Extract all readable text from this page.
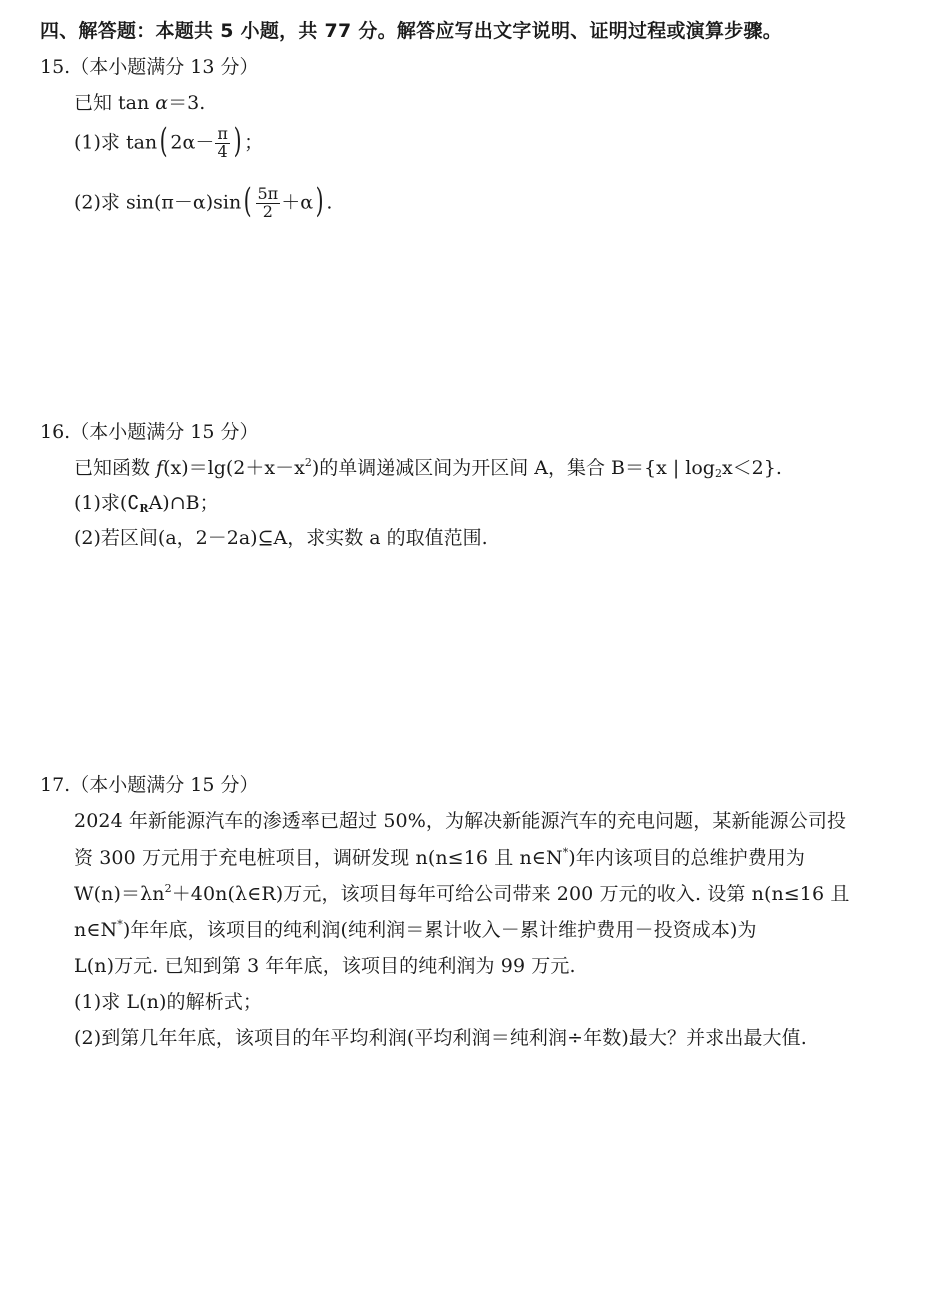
四、解答题：本题共 5 小题，共 77 分。解答应写出文字说明、证明过程或演算步骤。
15.（本小题满分 13 分）
已知 tan α＝3.
(1)求 tan( $2\alpha- \frac{\pi}{4}$ ) ；
(2)求 $\sin(\pi-\alpha)\sin( \frac{5\pi}{2} +\alpha)$ .
16.（本小题满分 15 分）
已知函数 $f(x)=\lg(2+x-x^2)$的单调递减区间为开区间 A，集合 B＝{x | $\log_2x<2$}.
(1)求$(∁_RA)\cap B$；
(2)若区间(a，2－2a)⊆A，求实数 a 的取值范围.
17.（本小题满分 15 分）
2024 年新能源汽车的渗透率已超过 50%，为解决新能源汽车的充电问题，某新能源公司投
资 300 万元用于充电桩项目，调研发现 n(n≤16 且 n∈N*)年内该项目的总维护费用为
$W(n)=\lambda n^2+40n(\lambda\in R)$万元，该项目每年可给公司带来 200 万元的收入. 设第 n(n≤16 且
n∈N*)年年底，该项目的纯利润(纯利润＝累计收入－累计维护费用－投资成本)为
L(n)万元. 已知到第 3 年年底，该项目的纯利润为 99 万元.
(1)求 L(n)的解析式；
(2)到第几年年底，该项目的年平均利润(平均利润＝纯利润÷年数)最大？并求出最大值.
